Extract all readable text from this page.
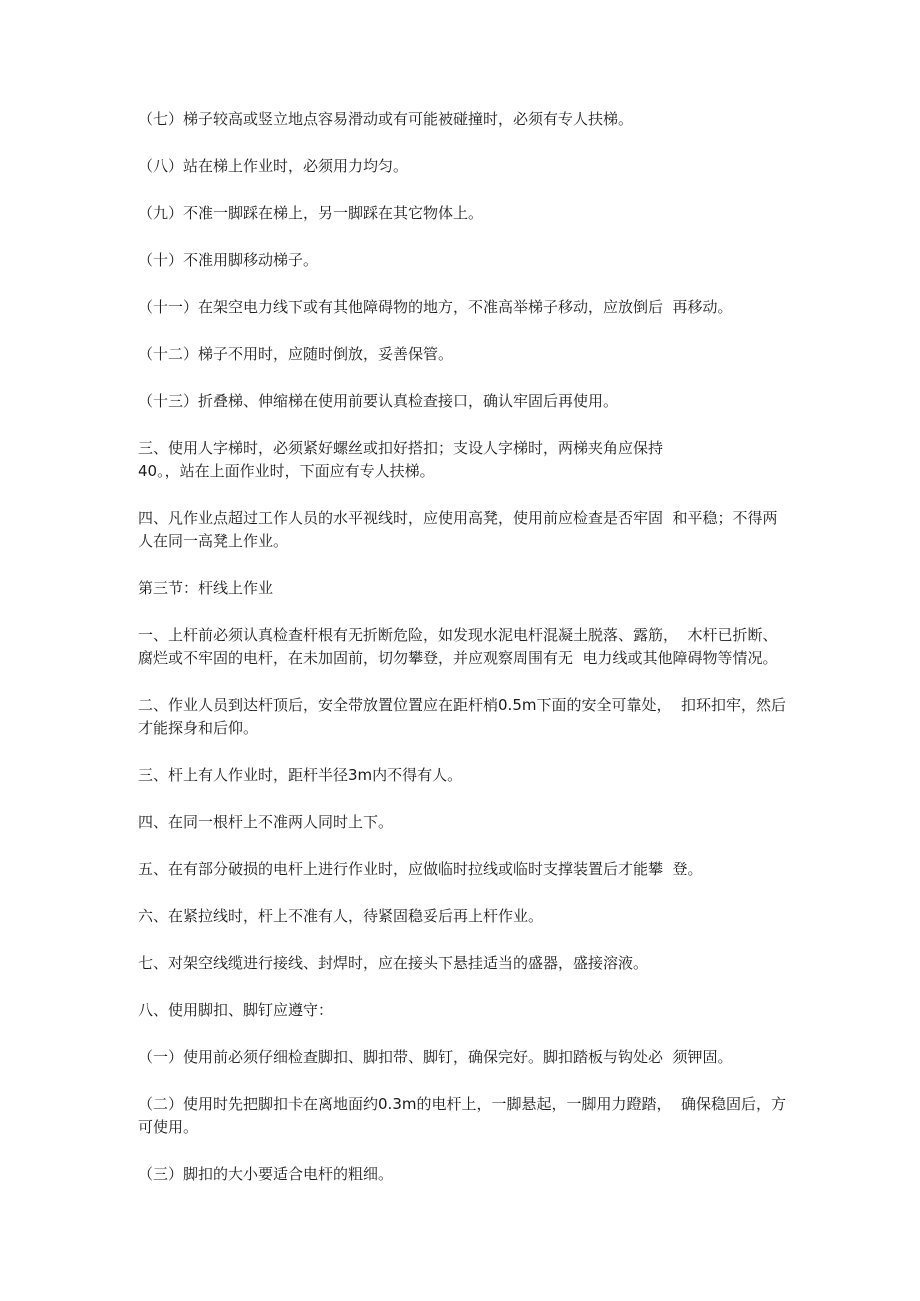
（七）梯子较高或竖立地点容易滑动或有可能被碰撞时，必须有专人扶梯。

（八）站在梯上作业时，必须用力均匀。

（九）不准一脚踩在梯上，另一脚踩在其它物体上。

（十）不准用脚移动梯子。

（十一）在架空电力线下或有其他障碍物的地方，不准高举梯子移动，应放倒后  再移动。

（十二）梯子不用时，应随时倒放，妥善保管。

（十三）折叠梯、伸缩梯在使用前要认真检查接口，确认牢固后再使用。

三、使用人字梯时，必须紧好螺丝或扣好搭扣；支设人字梯时，两梯夹角应保持
40。，站在上面作业时，下面应有专人扶梯。

四、凡作业点超过工作人员的水平视线时，应使用高凳，使用前应检查是否牢固  和平稳；不得两人在同一高凳上作业。

第三节：杆线上作业

一、上杆前必须认真检查杆根有无折断危险，如发现水泥电杆混凝土脱落、露筋，  木杆已折断、腐烂或不牢固的电杆，在未加固前，切勿攀登，并应观察周围有无  电力线或其他障碍物等情况。

二、作业人员到达杆顶后，安全带放置位置应在距杆梢0.5m下面的安全可靠处，  扣环扣牢，然后才能探身和后仰。

三、杆上有人作业时，距杆半径3m内不得有人。

四、在同一根杆上不准两人同时上下。

五、在有部分破损的电杆上进行作业时，应做临时拉线或临时支撑装置后才能攀  登。

六、在紧拉线时，杆上不准有人，待紧固稳妥后再上杆作业。

七、对架空线缆进行接线、封焊时，应在接头下悬挂适当的盛器，盛接溶液。

八、使用脚扣、脚钉应遵守：

（一）使用前必须仔细检查脚扣、脚扣带、脚钉，确保完好。脚扣踏板与钩处必  须钾固。

（二）使用时先把脚扣卡在离地面约0.3m的电杆上，一脚悬起，一脚用力蹬踏，  确保稳固后，方可使用。

（三）脚扣的大小要适合电杆的粗细。
